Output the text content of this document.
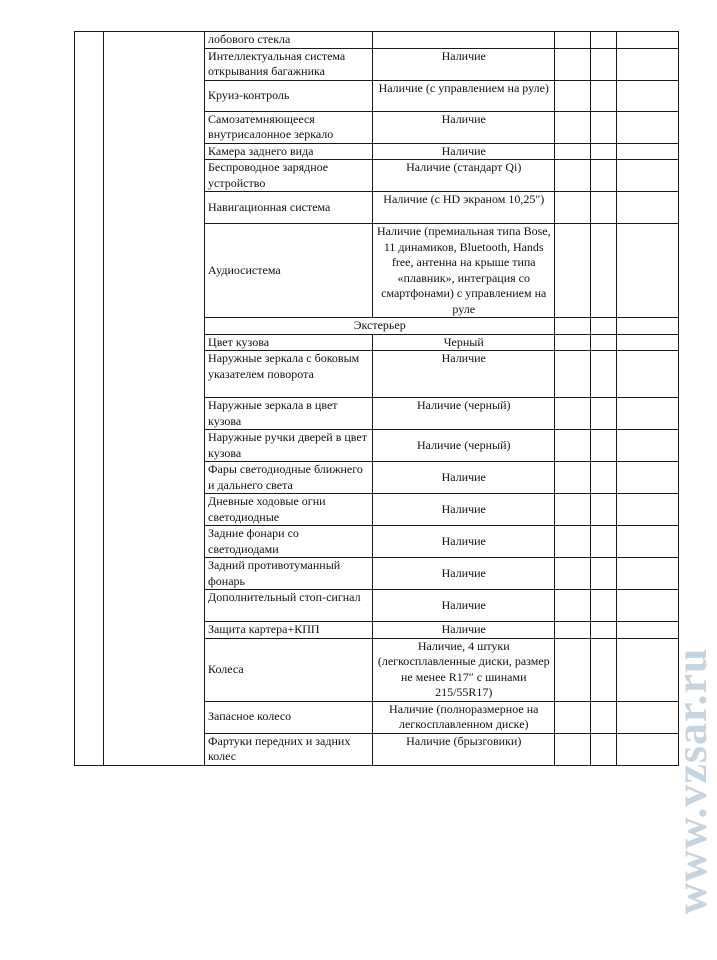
		лобового стекла				
		Интеллектуальная система открывания багажника	Наличие			
		Круиз-контроль	Наличие (с управлением на руле)			
		Самозатемняющееся внутрисалонное зеркало	Наличие			
		Камера заднего вида	Наличие			
		Беспроводное зарядное устройство	Наличие (стандарт Qi)			
		Навигационная система	Наличие (с HD экраном 10,25")			
		Аудиосистема	Наличие (премиальная типа Bose, 11 динамиков, Bluetooth, Hands free, антенна на крыше типа «плавник», интеграция со смартфонами) с управлением на руле			
		Экстерьер				
		Цвет кузова	Черный			
		Наружные зеркала с боковым указателем поворота	Наличие			
		Наружные зеркала в цвет кузова	Наличие (черный)			
		Наружные ручки дверей в цвет кузова	Наличие (черный)			
		Фары светодиодные ближнего и дальнего света	Наличие			
		Дневные ходовые огни светодиодные	Наличие			
		Задние фонари со светодиодами	Наличие			
		Задний противотуманный фонарь	Наличие			
		Дополнительный стоп-сигнал	Наличие			
		Защита картера+КПП	Наличие			
		Колеса	Наличие, 4 штуки (легкосплавленные диски, размер не менее R17″ с шинами 215/55R17)			
		Запасное колесо	Наличие (полноразмерное на легкосплавленном диске)			
		Фартуки передних и задних колес	Наличие (брызговики)				www.vzsar.ru
